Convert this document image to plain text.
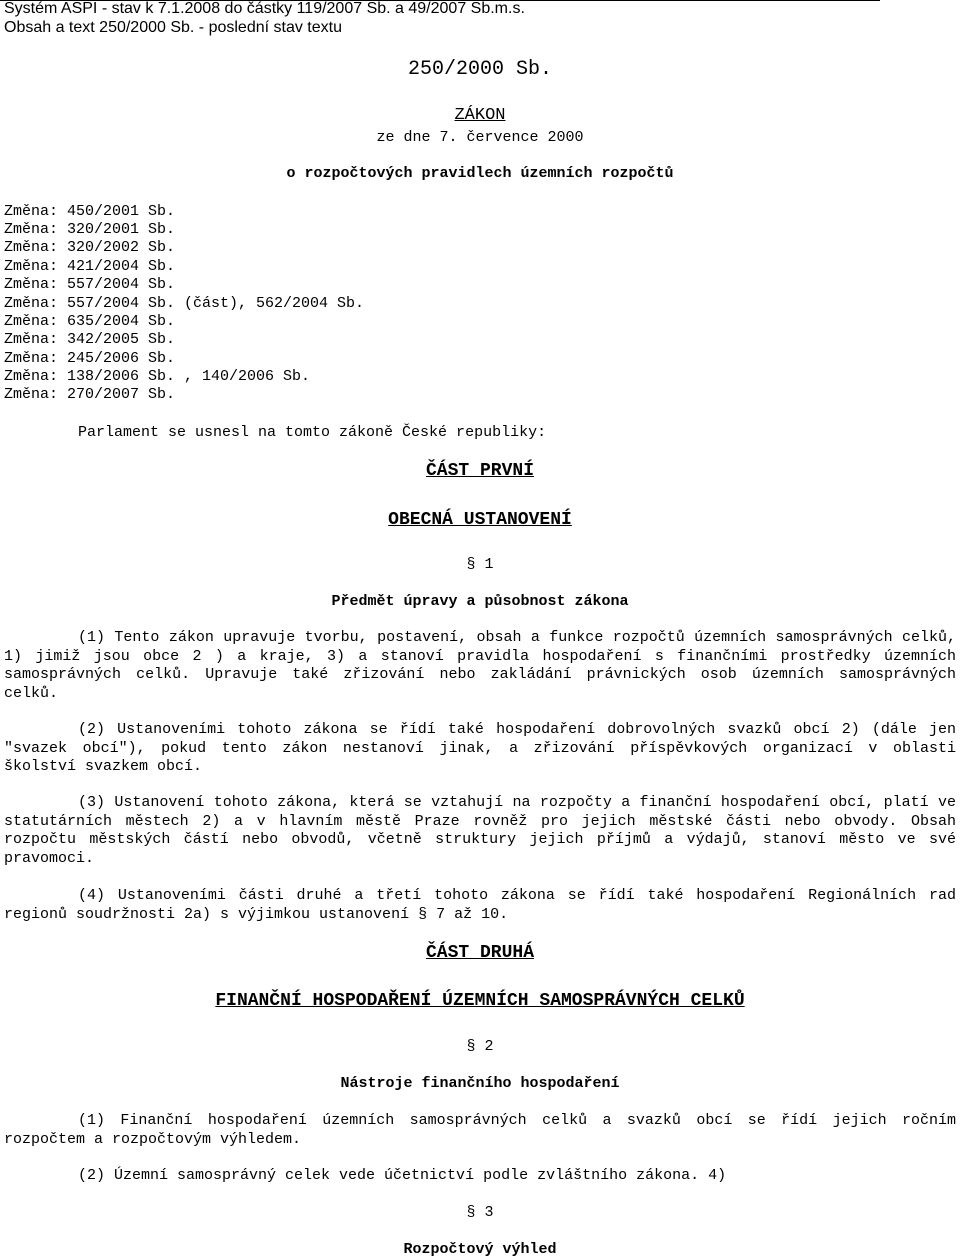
Systém ASPI - stav k 7.1.2008 do částky 119/2007 Sb. a 49/2007 Sb.m.s.
Obsah a text 250/2000 Sb. - poslední stav textu
250/2000 Sb.
ZÁKON
ze dne 7. července 2000
o rozpočtových pravidlech územních rozpočtů
Změna: 450/2001 Sb.
Změna: 320/2001 Sb.
Změna: 320/2002 Sb.
Změna: 421/2004 Sb.
Změna: 557/2004 Sb.
Změna: 557/2004 Sb. (část), 562/2004 Sb.
Změna: 635/2004 Sb.
Změna: 342/2005 Sb.
Změna: 245/2006 Sb.
Změna: 138/2006 Sb. , 140/2006 Sb.
Změna: 270/2007 Sb.
Parlament se usnesl na tomto zákoně České republiky:
ČÁST PRVNÍ
OBECNÁ USTANOVENÍ
§ 1
Předmět úpravy a působnost zákona
(1) Tento zákon upravuje tvorbu, postavení, obsah a funkce rozpočtů územních samosprávných celků, 1) jimiž jsou obce 2 ) a kraje, 3) a stanoví pravidla hospodaření s finančními prostředky územních samosprávných celků. Upravuje také zřizování nebo zakládání právnických osob územních samosprávných celků.
(2) Ustanoveními tohoto zákona se řídí také hospodaření dobrovolných svazků obcí 2) (dále jen "svazek obcí"), pokud tento zákon nestanoví jinak, a zřizování příspěvkových organizací v oblasti školství svazkem obcí.
(3) Ustanovení tohoto zákona, která se vztahují na rozpočty a finanční hospodaření obcí, platí ve statutárních městech 2) a v hlavním městě Praze rovněž pro jejich městské části nebo obvody. Obsah rozpočtu městských částí nebo obvodů, včetně struktury jejich příjmů a výdajů, stanoví město ve své pravomoci.
(4) Ustanoveními části druhé a třetí tohoto zákona se řídí také hospodaření Regionálních rad regionů soudržnosti 2a) s výjimkou ustanovení § 7 až 10.
ČÁST DRUHÁ
FINANČNÍ HOSPODAŘENÍ ÚZEMNÍCH SAMOSPRÁVNÝCH CELKŮ
§ 2
Nástroje finančního hospodaření
(1) Finanční hospodaření územních samosprávných celků a svazků obcí se řídí jejich ročním rozpočtem a rozpočtovým výhledem.
(2) Územní samosprávný celek vede účetnictví podle zvláštního zákona. 4)
§ 3
Rozpočtový výhled
